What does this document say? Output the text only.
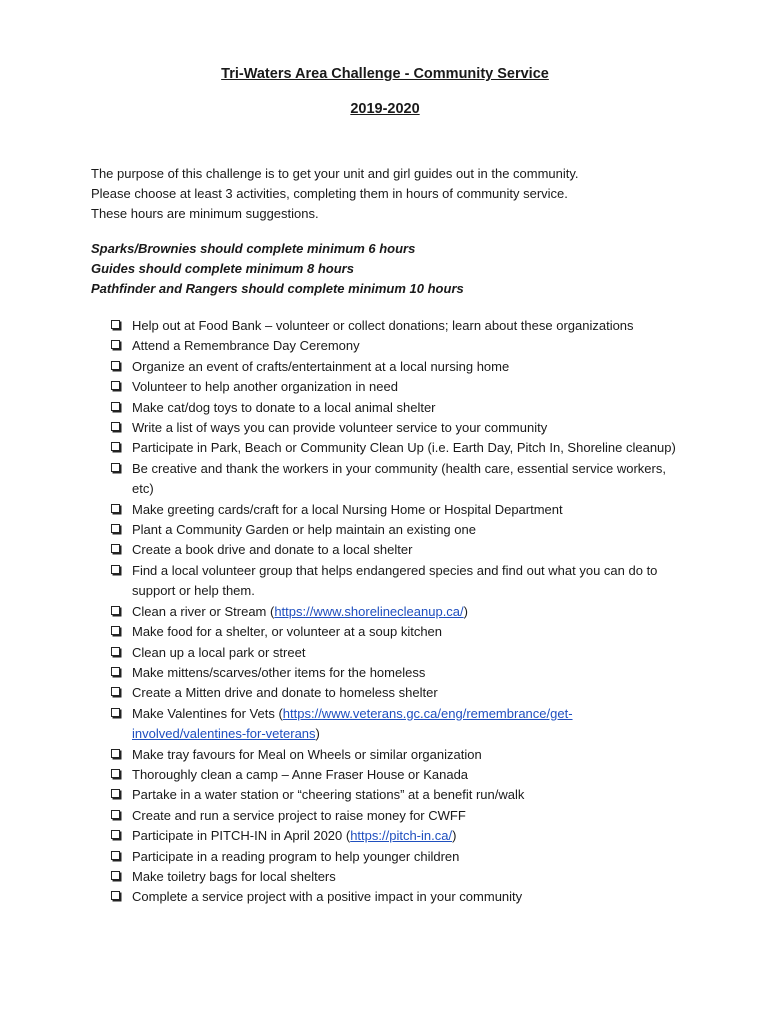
Tri-Waters Area Challenge - Community Service
2019-2020
The purpose of this challenge is to get your unit and girl guides out in the community.
Please choose at least 3 activities, completing them in hours of community service.
These hours are minimum suggestions.
Sparks/Brownies should complete minimum 6 hours
Guides should complete minimum 8 hours
Pathfinder and Rangers should complete minimum 10 hours
Help out at Food Bank – volunteer or collect donations; learn about these organizations
Attend a Remembrance Day Ceremony
Organize an event of crafts/entertainment at a local nursing home
Volunteer to help another organization in need
Make cat/dog toys to donate to a local animal shelter
Write a list of ways you can provide volunteer service to your community
Participate in Park, Beach or Community Clean Up (i.e. Earth Day, Pitch In, Shoreline cleanup)
Be creative and thank the workers in your community (health care, essential service workers, etc)
Make greeting cards/craft for a local Nursing Home or Hospital Department
Plant a Community Garden or help maintain an existing one
Create a book drive and donate to a local shelter
Find a local volunteer group that helps endangered species and find out what you can do to support or help them.
Clean a river or Stream (https://www.shorelinecleanup.ca/)
Make food for a shelter, or volunteer at a soup kitchen
Clean up a local park or street
Make mittens/scarves/other items for the homeless
Create a Mitten drive and donate to homeless shelter
Make Valentines for Vets (https://www.veterans.gc.ca/eng/remembrance/get-involved/valentines-for-veterans)
Make tray favours for Meal on Wheels or similar organization
Thoroughly clean a camp – Anne Fraser House or Kanada
Partake in a water station or “cheering stations” at a benefit run/walk
Create and run a service project to raise money for CWFF
Participate in PITCH-IN in April 2020 (https://pitch-in.ca/)
Participate in a reading program to help younger children
Make toiletry bags for local shelters
Complete a service project with a positive impact in your community
